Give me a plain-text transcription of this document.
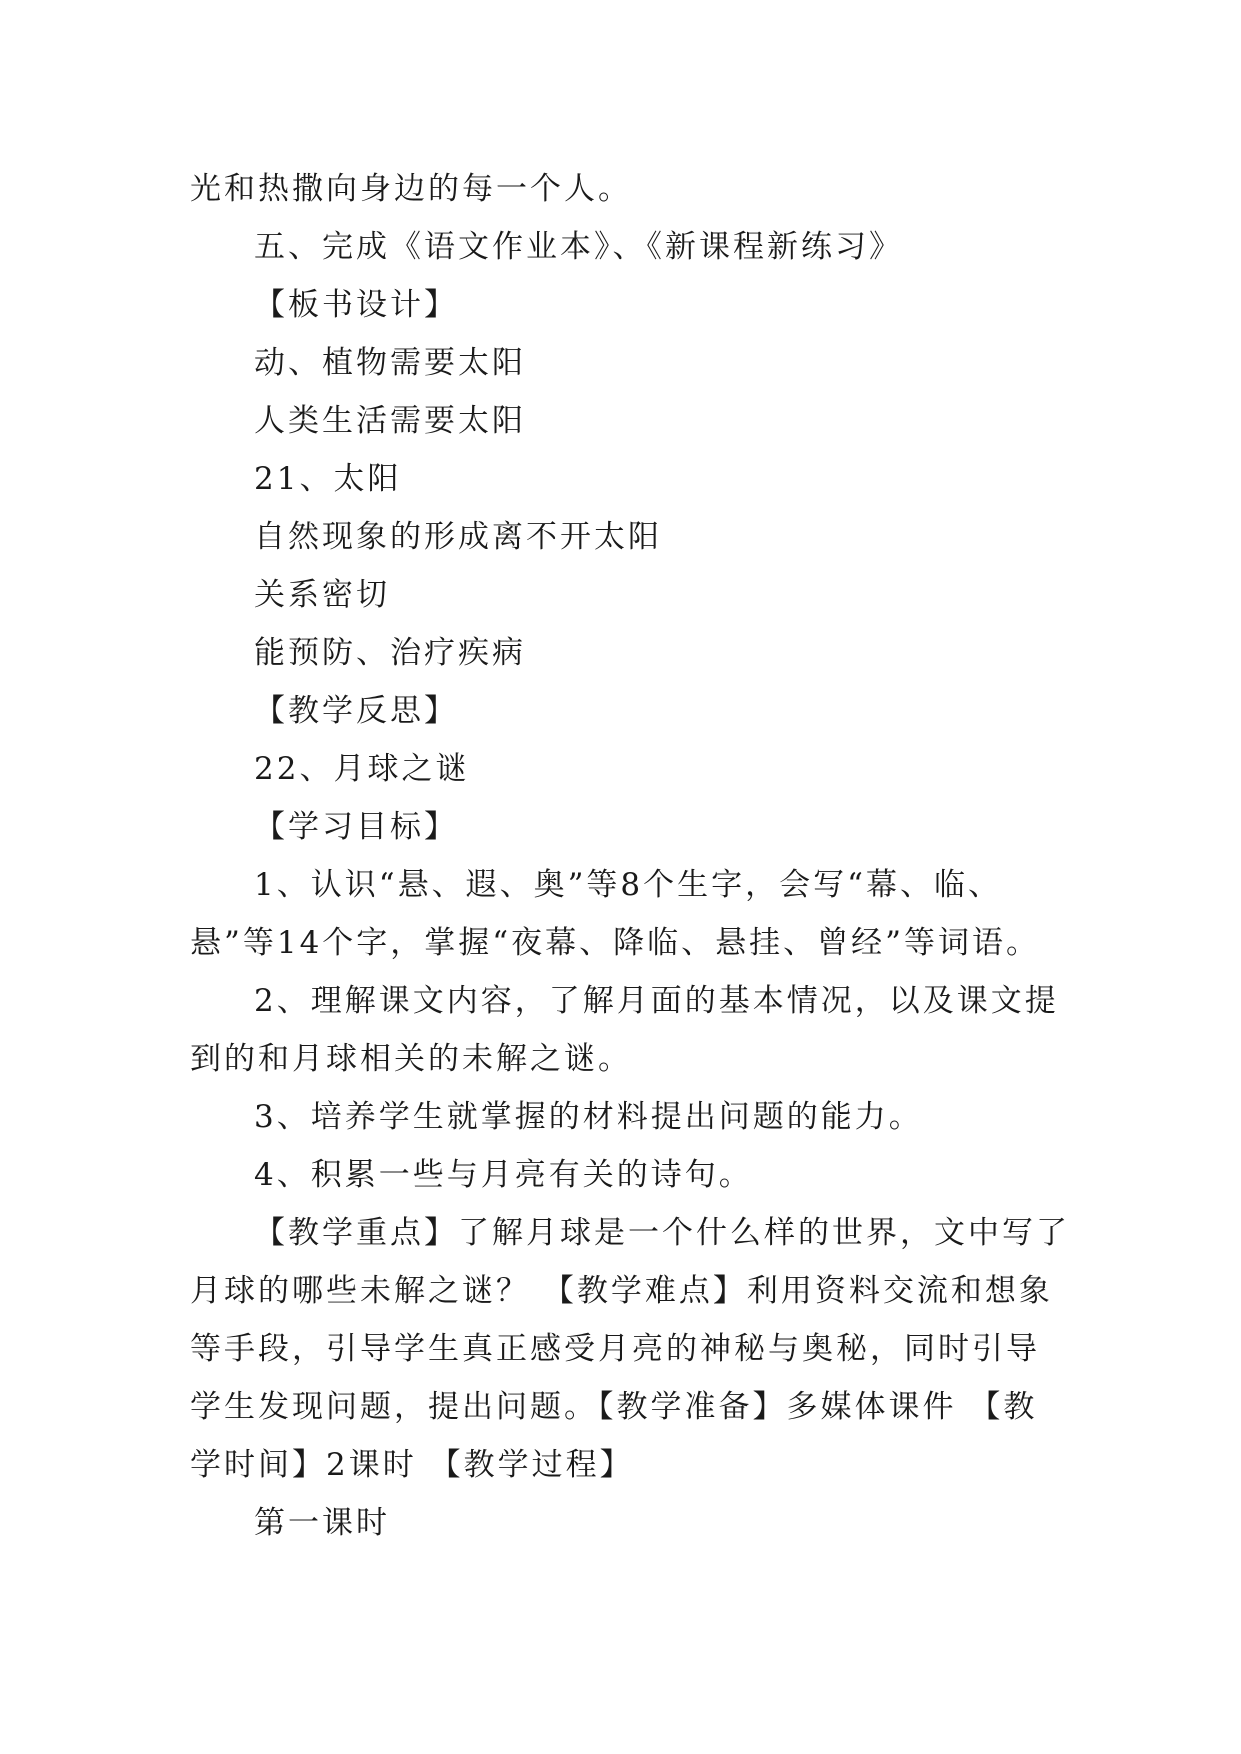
光和热撒向身边的每一个人。

五、完成《语文作业本》、《新课程新练习》

【板书设计】

动、植物需要太阳

人类生活需要太阳

21、太阳

自然现象的形成离不开太阳

关系密切

能预防、治疗疾病

【教学反思】

22、月球之谜

【学习目标】

1、认识“悬、遐、奥”等8个生字，会写“幕、临、悬”等14个字，掌握“夜幕、降临、悬挂、曾经”等词语。

2、理解课文内容，了解月面的基本情况，以及课文提到的和月球相关的未解之谜。

3、培养学生就掌握的材料提出问题的能力。

4、积累一些与月亮有关的诗句。

【教学重点】了解月球是一个什么样的世界，文中写了月球的哪些未解之谜？ 【教学难点】利用资料交流和想象等手段，引导学生真正感受月亮的神秘与奥秘，同时引导学生发现问题，提出问题。【教学准备】多媒体课件 【教学时间】2课时 【教学过程】

第一课时
